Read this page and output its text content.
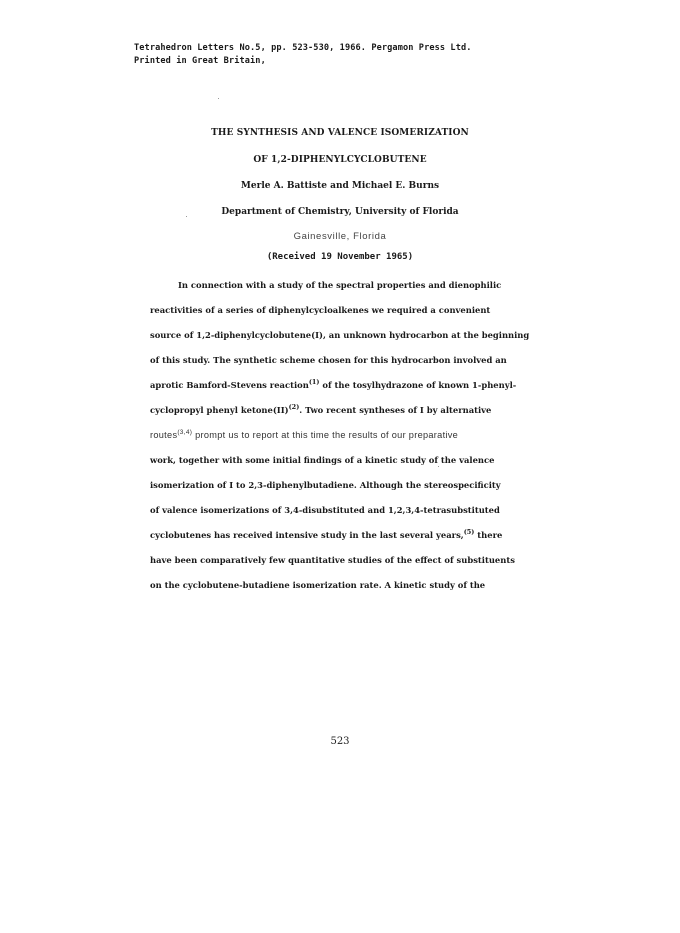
Tetrahedron Letters No.5, pp. 523-530, 1966. Pergamon Press Ltd.
Printed in Great Britain,
THE SYNTHESIS AND VALENCE ISOMERIZATION
OF 1,2-DIPHENYLCYCLOBUTENE
Merle A. Battiste and Michael E. Burns
Department of Chemistry, University of Florida
Gainesville, Florida
(Received 19 November 1965)
In connection with a study of the spectral properties and dienophilic
reactivities of a series of diphenylcycloalkenes we required a convenient
source of 1,2-diphenylcyclobutene(I), an unknown hydrocarbon at the beginning
of this study. The synthetic scheme chosen for this hydrocarbon involved an
aprotic Bamford-Stevens reaction$^{(1)}$ of the tosylhydrazone of known 1-phenyl-
cyclopropyl phenyl ketone(II)$^{(2)}$. Two recent syntheses of I by alternative
routes$^{(3,4)}$ prompt us to report at this time the results of our preparative
work, together with some initial findings of a kinetic study of the valence
isomerization of I to 2,3-diphenylbutadiene. Although the stereospecificity
of valence isomerizations of 3,4-disubstituted and 1,2,3,4-tetrasubstituted
cyclobutenes has received intensive study in the last several years,$^{(5)}$ there
have been comparatively few quantitative studies of the effect of substituents
on the cyclobutene-butadiene isomerization rate. A kinetic study of the
523
